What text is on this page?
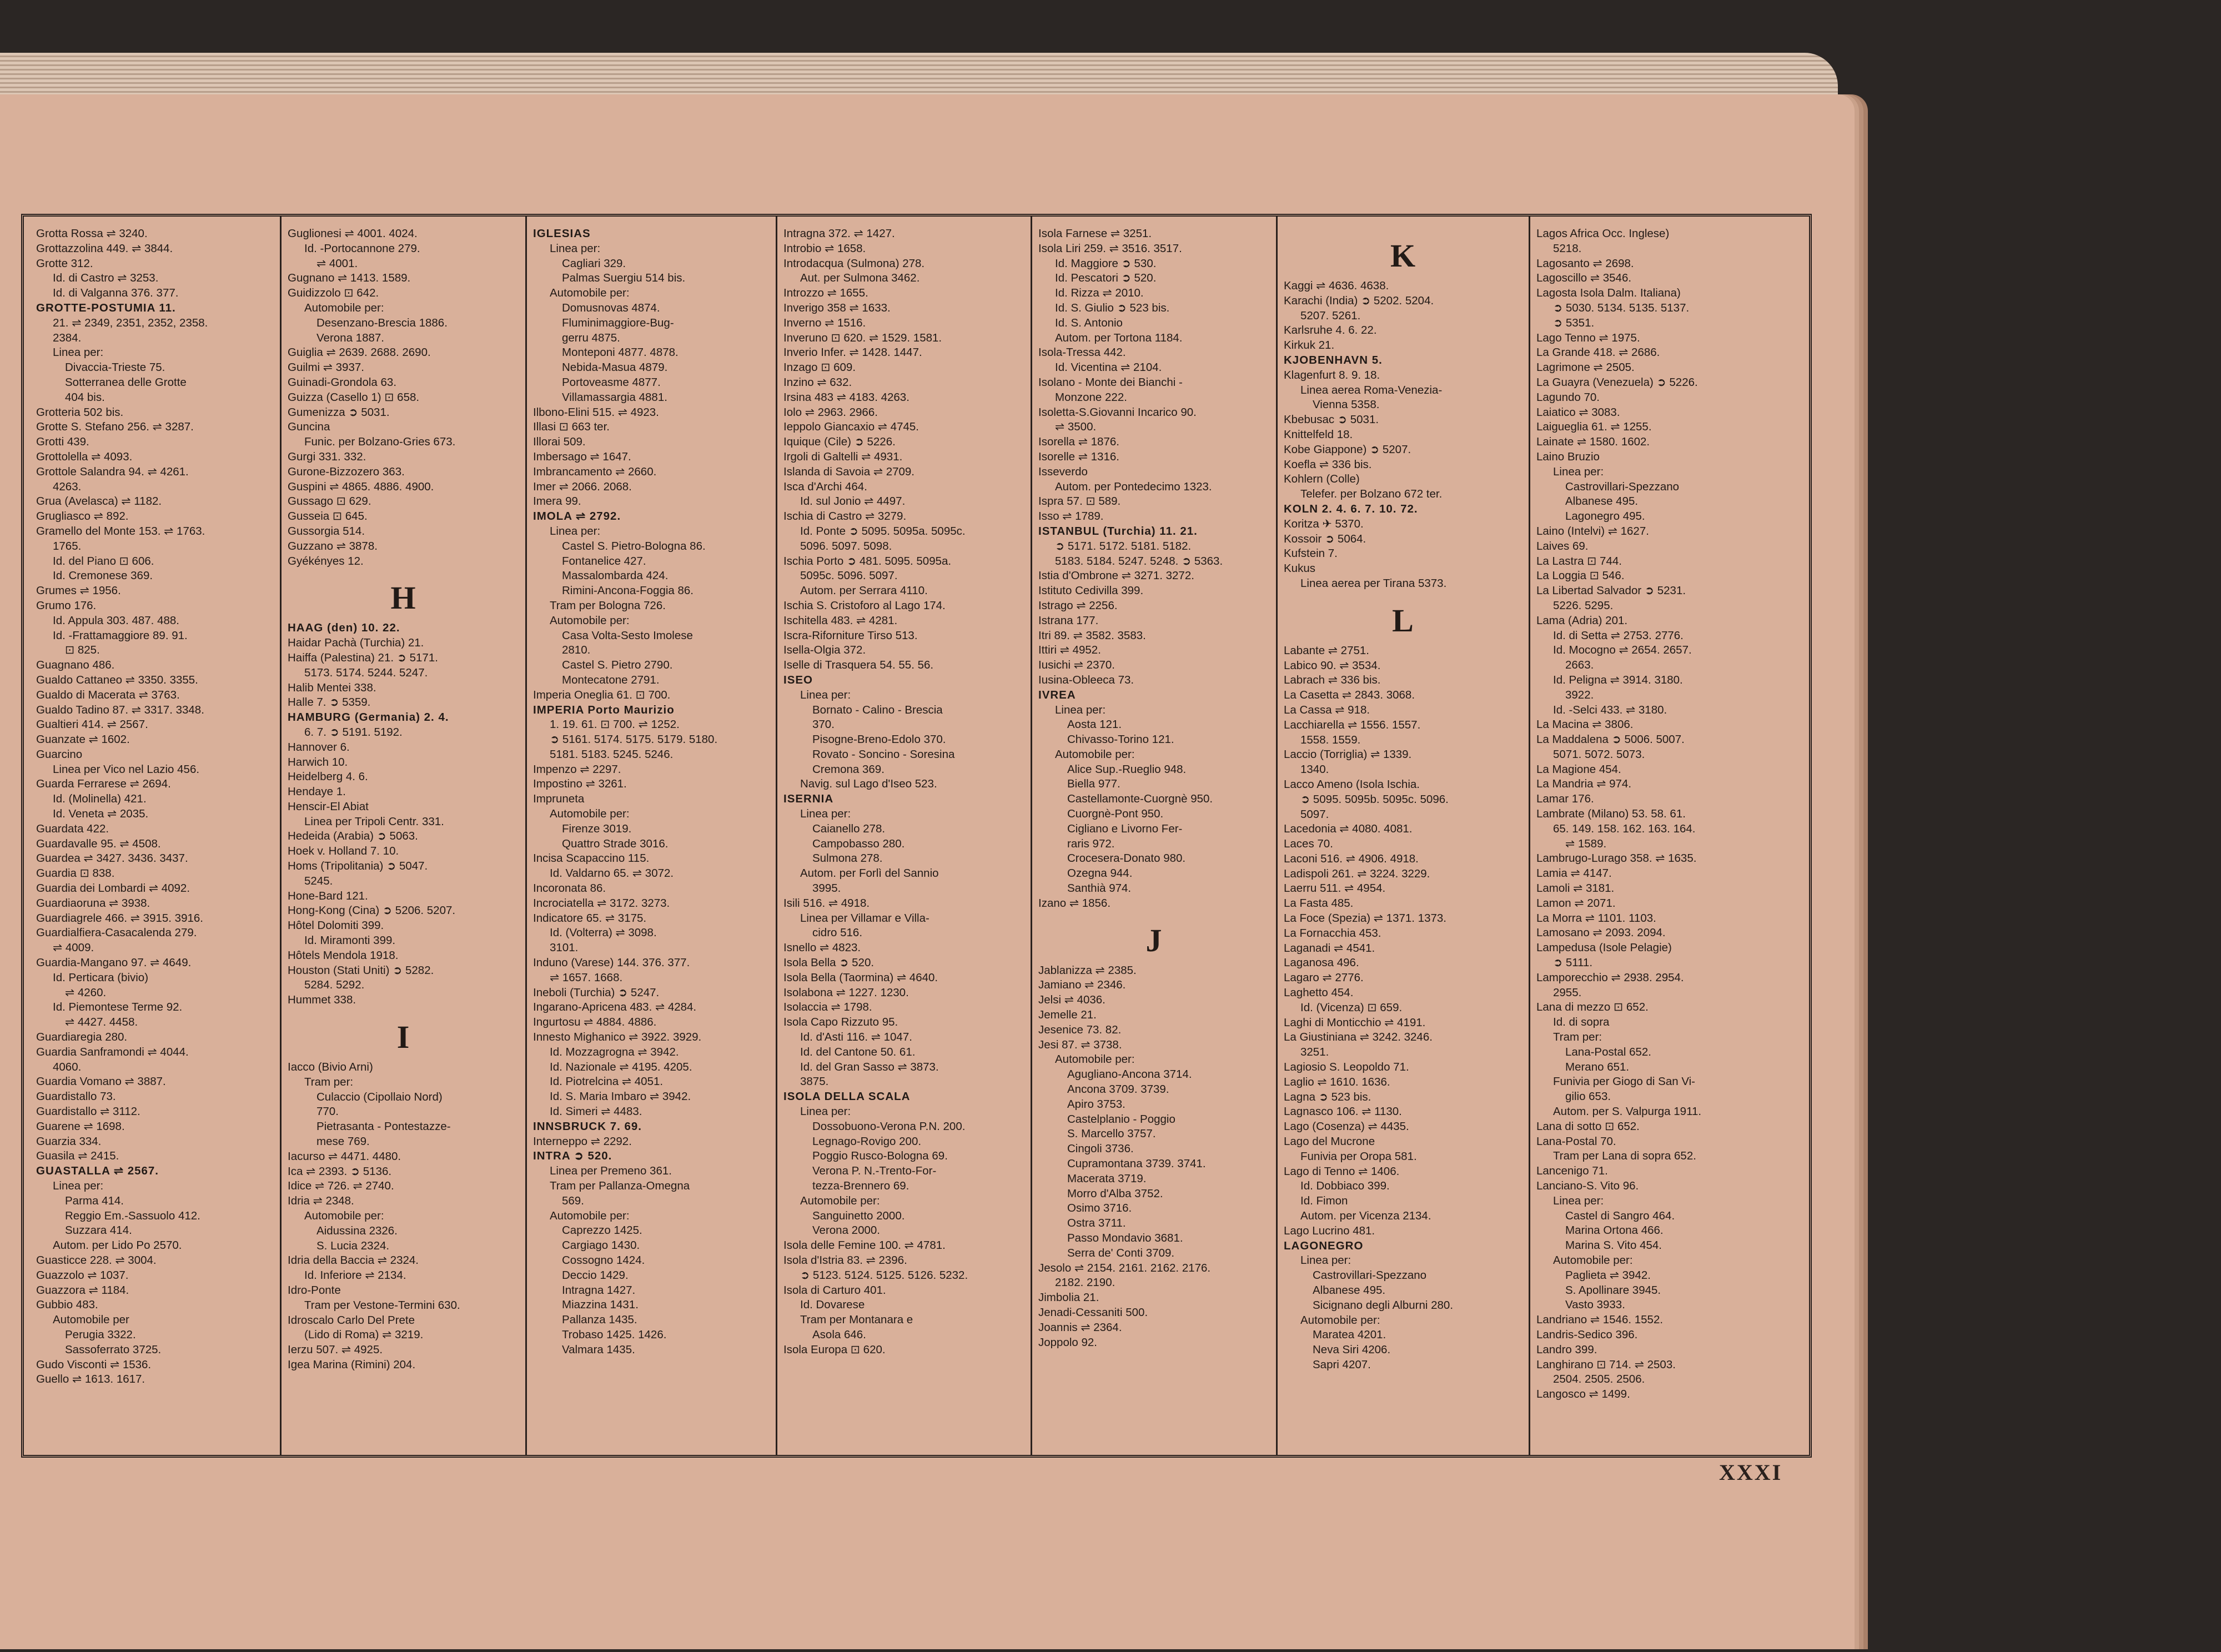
Grotta Rossa ⇌ 3240.
Grottazzolina 449. ⇌ 3844.
Grotte 312.
Id. di Castro ⇌ 3253.
Id. di Valganna 376. 377.
GROTTE-POSTUMIA 11.
21. ⇌ 2349, 2351, 2352, 2358.
2384.
Linea per:
Divaccia-Trieste 75.
Sotterranea delle Grotte
404 bis.
Grotteria 502 bis.
Grotte S. Stefano 256. ⇌ 3287.
Grotti 439.
Grottolella ⇌ 4093.
Grottole Salandra 94. ⇌ 4261.
4263.
Grua (Avelasca) ⇌ 1182.
Grugliasco ⇌ 892.
Gramello del Monte 153. ⇌ 1763.
1765.
Id. del Piano ⊡ 606.
Id. Cremonese 369.
Grumes ⇌ 1956.
Grumo 176.
Id. Appula 303. 487. 488.
Id. -Frattamaggiore 89. 91.
⊡ 825.
Guagnano 486.
Gualdo Cattaneo ⇌ 3350. 3355.
Gualdo di Macerata ⇌ 3763.
Gualdo Tadino 87. ⇌ 3317. 3348.
Gualtieri 414. ⇌ 2567.
Guanzate ⇌ 1602.
Guarcino
Linea per Vico nel Lazio 456.
Guarda Ferrarese ⇌ 2694.
Id. (Molinella) 421.
Id. Veneta ⇌ 2035.
Guardata 422.
Guardavalle 95. ⇌ 4508.
Guardea ⇌ 3427. 3436. 3437.
Guardia ⊡ 838.
Guardia dei Lombardi ⇌ 4092.
Guardiaoruna ⇌ 3938.
Guardiagrele 466. ⇌ 3915. 3916.
Guardialfiera-Casacalenda 279.
⇌ 4009.
Guardia-Mangano 97. ⇌ 4649.
Id. Perticara (bivio)
⇌ 4260.
Id. Piemontese Terme 92.
⇌ 4427. 4458.
Guardiaregia 280.
Guardia Sanframondi ⇌ 4044.
4060.
Guardia Vomano ⇌ 3887.
Guardistallo 73.
Guardistallo ⇌ 3112.
Guarene ⇌ 1698.
Guarzia 334.
Guasila ⇌ 2415.
GUASTALLA ⇌ 2567.
Linea per:
Parma 414.
Reggio Em.-Sassuolo 412.
Suzzara 414.
Autom. per Lido Po 2570.
Guasticce 228. ⇌ 3004.
Guazzolo ⇌ 1037.
Guazzora ⇌ 1184.
Gubbio 483.
Automobile per
Perugia 3322.
Sassoferrato 3725.
Gudo Visconti ⇌ 1536.
Guello ⇌ 1613. 1617.
Guglionesi ⇌ 4001. 4024.
Id. -Portocannone 279.
⇌ 4001.
Gugnano ⇌ 1413. 1589.
Guidizzolo ⊡ 642.
Automobile per:
Desenzano-Brescia 1886.
Verona 1887.
Guiglia ⇌ 2639. 2688. 2690.
Guilmi ⇌ 3937.
Guinadi-Grondola 63.
Guizza (Casello 1) ⊡ 658.
Gumenizza ➲ 5031.
Guncina
Funic. per Bolzano-Gries 673.
Gurgi 331. 332.
Gurone-Bizzozero 363.
Guspini ⇌ 4865. 4886. 4900.
Gussago ⊡ 629.
Gusseia ⊡ 645.
Gussorgia 514.
Guzzano ⇌ 3878.
Gyékényes 12.
H
HAAG (den) 10. 22.
Haidar Pachà (Turchia) 21.
Haiffa (Palestina) 21. ➲ 5171.
5173. 5174. 5244. 5247.
Halib Mentei 338.
Halle 7. ➲ 5359.
HAMBURG (Germania) 2. 4.
6. 7. ➲ 5191. 5192.
Hannover 6.
Harwich 10.
Heidelberg 4. 6.
Hendaye 1.
Henscir-El Abiat
Linea per Tripoli Centr. 331.
Hedeida (Arabia) ➲ 5063.
Hoek v. Holland 7. 10.
Homs (Tripolitania) ➲ 5047.
5245.
Hone-Bard 121.
Hong-Kong (Cina) ➲ 5206. 5207.
Hôtel Dolomiti 399.
Id. Miramonti 399.
Hôtels Mendola 1918.
Houston (Stati Uniti) ➲ 5282.
5284. 5292.
Hummet 338.
I
Iacco (Bivio Arni)
Tram per:
Culaccio (Cipollaio Nord)
770.
Pietrasanta - Pontestazze-
mese 769.
Iacurso ⇌ 4471. 4480.
Ica ⇌ 2393. ➲ 5136.
Idice ⇌ 726. ⇌ 2740.
Idria ⇌ 2348.
Automobile per:
Aidussina 2326.
S. Lucia 2324.
Idria della Baccia ⇌ 2324.
Id. Inferiore ⇌ 2134.
Idro-Ponte
Tram per Vestone-Termini 630.
Idroscalo Carlo Del Prete
(Lido di Roma) ⇌ 3219.
Ierzu 507. ⇌ 4925.
Igea Marina (Rimini) 204.
IGLESIAS
Linea per:
Cagliari 329.
Palmas Suergiu 514 bis.
Automobile per:
Domusnovas 4874.
Fluminimaggiore-Bug-
gerru 4875.
Monteponi 4877. 4878.
Nebida-Masua 4879.
Portoveasme 4877.
Villamassargia 4881.
Ilbono-Elini 515. ⇌ 4923.
Illasi ⊡ 663 ter.
Illorai 509.
Imbersago ⇌ 1647.
Imbrancamento ⇌ 2660.
Imer ⇌ 2066. 2068.
Imera 99.
IMOLA ⇌ 2792.
Linea per:
Castel S. Pietro-Bologna 86.
Fontanelice 427.
Massalombarda 424.
Rimini-Ancona-Foggia 86.
Tram per Bologna 726.
Automobile per:
Casa Volta-Sesto Imolese
2810.
Castel S. Pietro 2790.
Montecatone 2791.
Imperia Oneglia 61. ⊡ 700.
IMPERIA Porto Maurizio
1. 19. 61. ⊡ 700. ⇌ 1252.
➲ 5161. 5174. 5175. 5179. 5180.
5181. 5183. 5245. 5246.
Impenzo ⇌ 2297.
Impostino ⇌ 3261.
Impruneta
Automobile per:
Firenze 3019.
Quattro Strade 3016.
Incisa Scapaccino 115.
Id. Valdarno 65. ⇌ 3072.
Incoronata 86.
Incrociatella ⇌ 3172. 3273.
Indicatore 65. ⇌ 3175.
Id. (Volterra) ⇌ 3098.
3101.
Induno (Varese) 144. 376. 377.
⇌ 1657. 1668.
Ineboli (Turchia) ➲ 5247.
Ingarano-Apricena 483. ⇌ 4284.
Ingurtosu ⇌ 4884. 4886.
Innesto Mighanico ⇌ 3922. 3929.
Id. Mozzagrogna ⇌ 3942.
Id. Nazionale ⇌ 4195. 4205.
Id. Piotrelcina ⇌ 4051.
Id. S. Maria Imbaro ⇌ 3942.
Id. Simeri ⇌ 4483.
INNSBRUCK 7. 69.
Interneppo ⇌ 2292.
INTRA ➲ 520.
Linea per Premeno 361.
Tram per Pallanza-Omegna
569.
Automobile per:
Caprezzo 1425.
Cargiago 1430.
Cossogno 1424.
Deccio 1429.
Intragna 1427.
Miazzina 1431.
Pallanza 1435.
Trobaso 1425. 1426.
Valmara 1435.
Intragna 372. ⇌ 1427.
Introbio ⇌ 1658.
Introdacqua (Sulmona) 278.
Aut. per Sulmona 3462.
Introzzo ⇌ 1655.
Inverigo 358 ⇌ 1633.
Inverno ⇌ 1516.
Inveruno ⊡ 620. ⇌ 1529. 1581.
Inverio Infer. ⇌ 1428. 1447.
Inzago ⊡ 609.
Inzino ⇌ 632.
Irsina 483 ⇌ 4183. 4263.
Iolo ⇌ 2963. 2966.
Ieppolo Giancaxio ⇌ 4745.
Iquique (Cile) ➲ 5226.
Irgoli di Galtelli ⇌ 4931.
Islanda di Savoia ⇌ 2709.
Isca d'Archi 464.
Id. sul Jonio ⇌ 4497.
Ischia di Castro ⇌ 3279.
Id. Ponte ➲ 5095. 5095a. 5095c.
5096. 5097. 5098.
Ischia Porto ➲ 481. 5095. 5095a.
5095c. 5096. 5097.
Autom. per Serrara 4110.
Ischia S. Cristoforo al Lago 174.
Ischitella 483. ⇌ 4281.
Iscra-Riforniture Tirso 513.
Isella-Olgia 372.
Iselle di Trasquera 54. 55. 56.
ISEO
Linea per:
Bornato - Calino - Brescia
370.
Pisogne-Breno-Edolo 370.
Rovato - Soncino - Soresina
Cremona 369.
Navig. sul Lago d'Iseo 523.
ISERNIA
Linea per:
Caianello 278.
Campobasso 280.
Sulmona 278.
Autom. per Forlì del Sannio
3995.
Isili 516. ⇌ 4918.
Linea per Villamar e Villa-
cidro 516.
Isnello ⇌ 4823.
Isola Bella ➲ 520.
Isola Bella (Taormina) ⇌ 4640.
Isolabona ⇌ 1227. 1230.
Isolaccia ⇌ 1798.
Isola Capo Rizzuto 95.
Id. d'Asti 116. ⇌ 1047.
Id. del Cantone 50. 61.
Id. del Gran Sasso ⇌ 3873.
3875.
ISOLA DELLA SCALA
Linea per:
Dossobuono-Verona P.N. 200.
Legnago-Rovigo 200.
Poggio Rusco-Bologna 69.
Verona P. N.-Trento-For-
tezza-Brennero 69.
Automobile per:
Sanguinetto 2000.
Verona 2000.
Isola delle Femine 100. ⇌ 4781.
Isola d'Istria 83. ⇌ 2396.
➲ 5123. 5124. 5125. 5126. 5232.
Isola di Carturo 401.
Id. Dovarese
Tram per Montanara e
Asola 646.
Isola Europa ⊡ 620.
Isola Farnese ⇌ 3251.
Isola Liri 259. ⇌ 3516. 3517.
Id. Maggiore ➲ 530.
Id. Pescatori ➲ 520.
Id. Rizza ⇌ 2010.
Id. S. Giulio ➲ 523 bis.
Id. S. Antonio
Autom. per Tortona 1184.
Isola-Tressa 442.
Id. Vicentina ⇌ 2104.
Isolano - Monte dei Bianchi -
Monzone 222.
Isoletta-S.Giovanni Incarico 90.
⇌ 3500.
Isorella ⇌ 1876.
Isorelle ⇌ 1316.
Isseverdo
Autom. per Pontedecimo 1323.
Ispra 57. ⊡ 589.
Isso ⇌ 1789.
ISTANBUL (Turchia) 11. 21.
➲ 5171. 5172. 5181. 5182.
5183. 5184. 5247. 5248. ➲ 5363.
Istia d'Ombrone ⇌ 3271. 3272.
Istituto Cedivilla 399.
Istrago ⇌ 2256.
Istrana 177.
Itri 89. ⇌ 3582. 3583.
Ittiri ⇌ 4952.
Iusichi ⇌ 2370.
Iusina-Obleeca 73.
IVREA
Linea per:
Aosta 121.
Chivasso-Torino 121.
Automobile per:
Alice Sup.-Rueglio 948.
Biella 977.
Castellamonte-Cuorgnè 950.
Cuorgnè-Pont 950.
Cigliano e Livorno Fer-
raris 972.
Crocesera-Donato 980.
Ozegna 944.
Santhià 974.
Izano ⇌ 1856.
J
Jablanizza ⇌ 2385.
Jamiano ⇌ 2346.
Jelsi ⇌ 4036.
Jemelle 21.
Jesenice 73. 82.
Jesi 87. ⇌ 3738.
Automobile per:
Agugliano-Ancona 3714.
Ancona 3709. 3739.
Apiro 3753.
Castelplanio - Poggio
S. Marcello 3757.
Cingoli 3736.
Cupramontana 3739. 3741.
Macerata 3719.
Morro d'Alba 3752.
Osimo 3716.
Ostra 3711.
Passo Mondavio 3681.
Serra de' Conti 3709.
Jesolo ⇌ 2154. 2161. 2162. 2176.
2182. 2190.
Jimbolia 21.
Jenadi-Cessaniti 500.
Joannis ⇌ 2364.
Joppolo 92.
K
Kaggi ⇌ 4636. 4638.
Karachi (India) ➲ 5202. 5204.
5207. 5261.
Karlsruhe 4. 6. 22.
Kirkuk 21.
KJOBENHAVN 5.
Klagenfurt 8. 9. 18.
Linea aerea Roma-Venezia-
Vienna 5358.
Kbebusac ➲ 5031.
Knittelfeld 18.
Kobe Giappone) ➲ 5207.
Koefla ⇌ 336 bis.
Kohlern (Colle)
Telefer. per Bolzano 672 ter.
KOLN 2. 4. 6. 7. 10. 72.
Koritza ✈ 5370.
Kossoir ➲ 5064.
Kufstein 7.
Kukus
Linea aerea per Tirana 5373.
L
Labante ⇌ 2751.
Labico 90. ⇌ 3534.
Labrach ⇌ 336 bis.
La Casetta ⇌ 2843. 3068.
La Cassa ⇌ 918.
Lacchiarella ⇌ 1556. 1557.
1558. 1559.
Laccio (Torriglia) ⇌ 1339.
1340.
Lacco Ameno (Isola Ischia.
➲ 5095. 5095b. 5095c. 5096.
5097.
Lacedonia ⇌ 4080. 4081.
Laces 70.
Laconi 516. ⇌ 4906. 4918.
Ladispoli 261. ⇌ 3224. 3229.
Laerru 511. ⇌ 4954.
La Fasta 485.
La Foce (Spezia) ⇌ 1371. 1373.
La Fornacchia 453.
Laganadi ⇌ 4541.
Laganosa 496.
Lagaro ⇌ 2776.
Laghetto 454.
Id. (Vicenza) ⊡ 659.
Laghi di Monticchio ⇌ 4191.
La Giustiniana ⇌ 3242. 3246.
3251.
Lagiosio S. Leopoldo 71.
Laglio ⇌ 1610. 1636.
Lagna ➲ 523 bis.
Lagnasco 106. ⇌ 1130.
Lago (Cosenza) ⇌ 4435.
Lago del Mucrone
Funivia per Oropa 581.
Lago di Tenno ⇌ 1406.
Id. Dobbiaco 399.
Id. Fimon
Autom. per Vicenza 2134.
Lago Lucrino 481.
LAGONEGRO
Linea per:
Castrovillari-Spezzano
Albanese 495.
Sicignano degli Alburni 280.
Automobile per:
Maratea 4201.
Neva Siri 4206.
Sapri 4207.
Lagos Africa Occ. Inglese)
5218.
Lagosanto ⇌ 2698.
Lagoscillo ⇌ 3546.
Lagosta Isola Dalm. Italiana)
➲ 5030. 5134. 5135. 5137.
➲ 5351.
Lago Tenno ⇌ 1975.
La Grande 418. ⇌ 2686.
Lagrimone ⇌ 2505.
La Guayra (Venezuela) ➲ 5226.
Lagundo 70.
Laiatico ⇌ 3083.
Laigueglia 61. ⇌ 1255.
Lainate ⇌ 1580. 1602.
Laino Bruzio
Linea per:
Castrovillari-Spezzano
Albanese 495.
Lagonegro 495.
Laino (Intelvi) ⇌ 1627.
Laives 69.
La Lastra ⊡ 744.
La Loggia ⊡ 546.
La Libertad Salvador ➲ 5231.
5226. 5295.
Lama (Adria) 201.
Id. di Setta ⇌ 2753. 2776.
Id. Mocogno ⇌ 2654. 2657.
2663.
Id. Peligna ⇌ 3914. 3180.
3922.
Id. -Selci 433. ⇌ 3180.
La Macina ⇌ 3806.
La Maddalena ➲ 5006. 5007.
5071. 5072. 5073.
La Magione 454.
La Mandria ⇌ 974.
Lamar 176.
Lambrate (Milano) 53. 58. 61.
65. 149. 158. 162. 163. 164.
⇌ 1589.
Lambrugo-Lurago 358. ⇌ 1635.
Lamia ⇌ 4147.
Lamoli ⇌ 3181.
Lamon ⇌ 2071.
La Morra ⇌ 1101. 1103.
Lamosano ⇌ 2093. 2094.
Lampedusa (Isole Pelagie)
➲ 5111.
Lamporecchio ⇌ 2938. 2954.
2955.
Lana di mezzo ⊡ 652.
Id. di sopra
Tram per:
Lana-Postal 652.
Merano 651.
Funivia per Giogo di San Vi-
gilio 653.
Autom. per S. Valpurga 1911.
Lana di sotto ⊡ 652.
Lana-Postal 70.
Tram per Lana di sopra 652.
Lancenigo 71.
Lanciano-S. Vito 96.
Linea per:
Castel di Sangro 464.
Marina Ortona 466.
Marina S. Vito 454.
Automobile per:
Paglieta ⇌ 3942.
S. Apollinare 3945.
Vasto 3933.
Landriano ⇌ 1546. 1552.
Landris-Sedico 396.
Landro 399.
Langhirano ⊡ 714. ⇌ 2503.
2504. 2505. 2506.
Langosco ⇌ 1499.
XXXI
